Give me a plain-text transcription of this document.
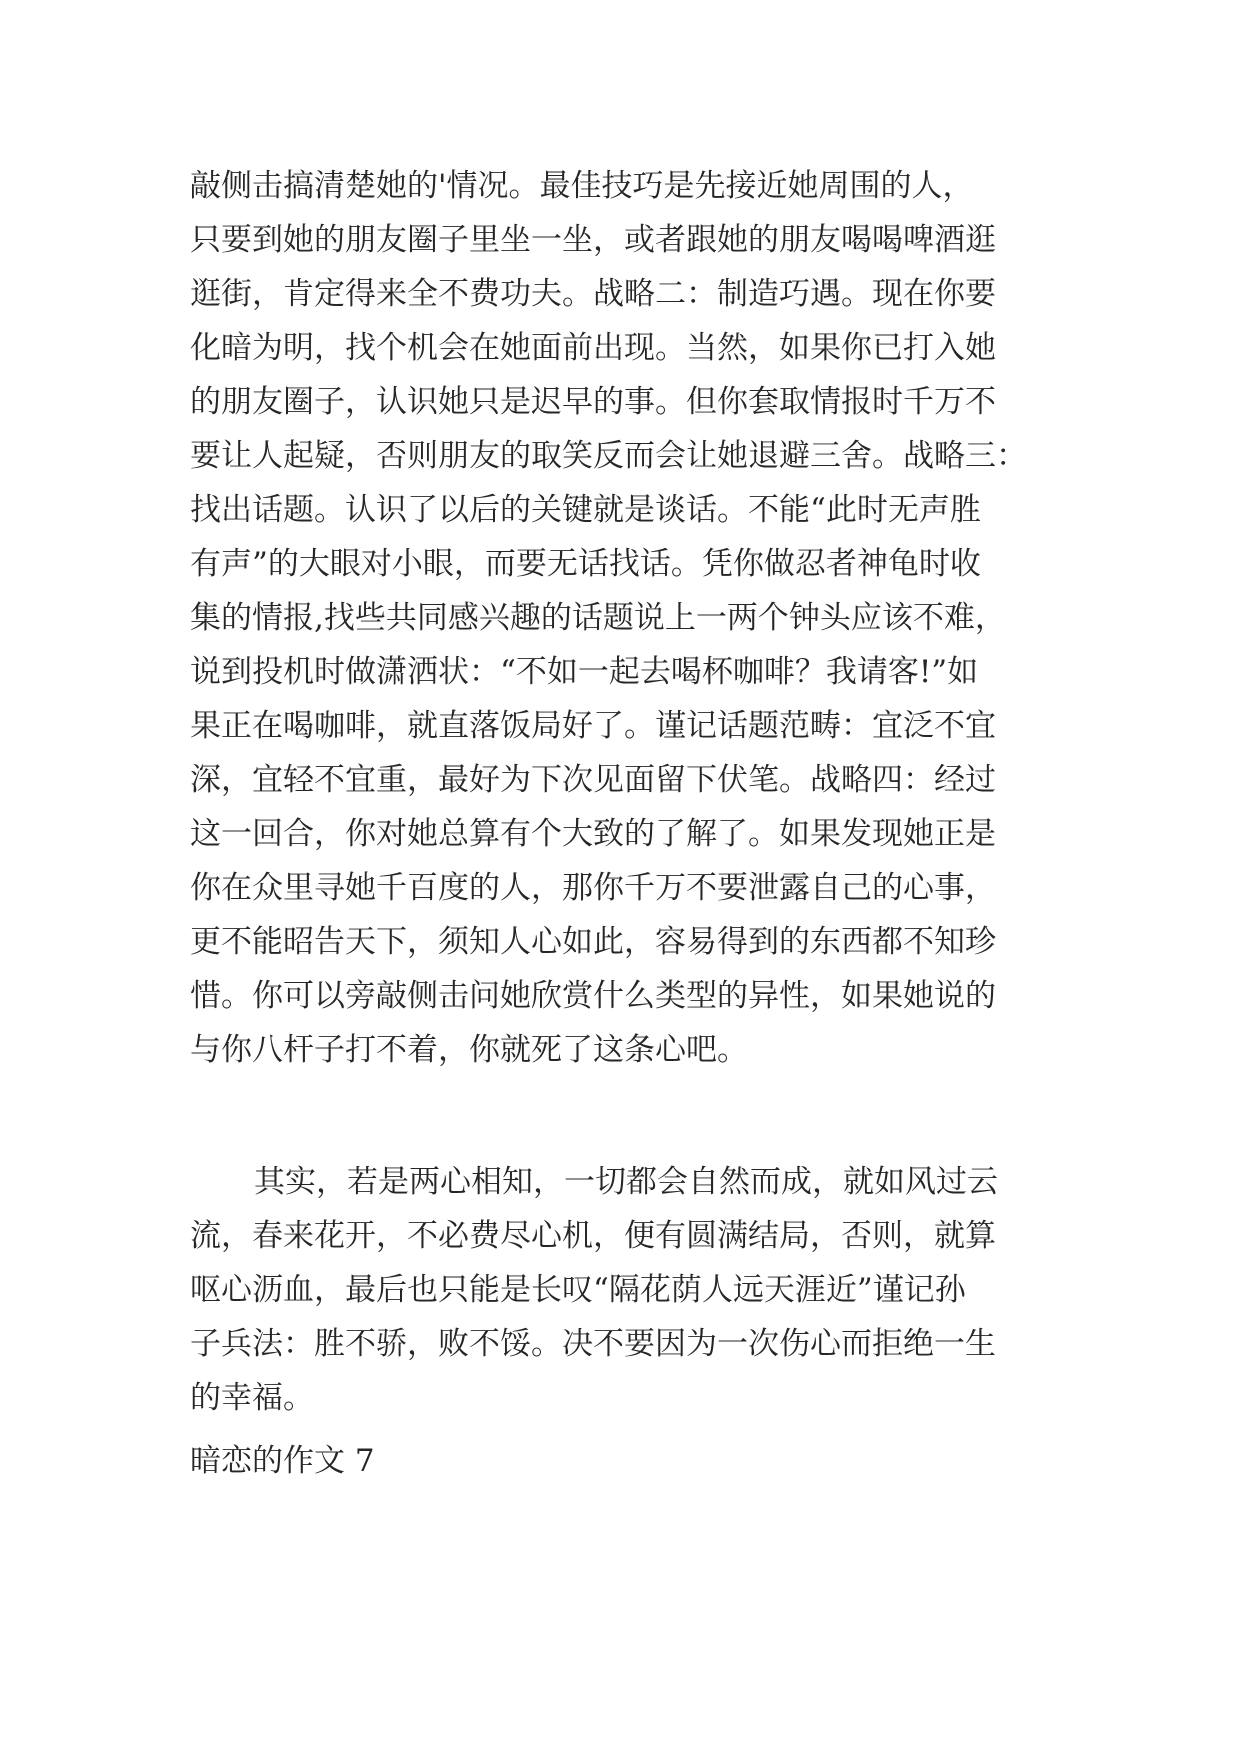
敲侧击搞清楚她的'情况。最佳技巧是先接近她周围的人，
只要到她的朋友圈子里坐一坐，或者跟她的朋友喝喝啤酒逛
逛街，肯定得来全不费功夫。战略二：制造巧遇。现在你要
化暗为明，找个机会在她面前出现。当然，如果你已打入她
的朋友圈子，认识她只是迟早的事。但你套取情报时千万不
要让人起疑，否则朋友的取笑反而会让她退避三舍。战略三：
找出话题。认识了以后的关键就是谈话。不能“此时无声胜
有声”的大眼对小眼，而要无话找话。凭你做忍者神龟时收
集的情报,找些共同感兴趣的话题说上一两个钟头应该不难，
说到投机时做潇洒状：“不如一起去喝杯咖啡？我请客!”如
果正在喝咖啡，就直落饭局好了。谨记话题范畴：宜泛不宜
深，宜轻不宜重，最好为下次见面留下伏笔。战略四：经过
这一回合，你对她总算有个大致的了解了。如果发现她正是
你在众里寻她千百度的人，那你千万不要泄露自己的心事，
更不能昭告天下，须知人心如此，容易得到的东西都不知珍
惜。你可以旁敲侧击问她欣赏什么类型的异性，如果她说的
与你八杆子打不着，你就死了这条心吧。
其实，若是两心相知，一切都会自然而成，就如风过云
流，春来花开，不必费尽心机，便有圆满结局，否则，就算
呕心沥血，最后也只能是长叹“隔花荫人远天涯近”谨记孙
子兵法：胜不骄，败不馁。决不要因为一次伤心而拒绝一生
的幸福。
暗恋的作文 7
